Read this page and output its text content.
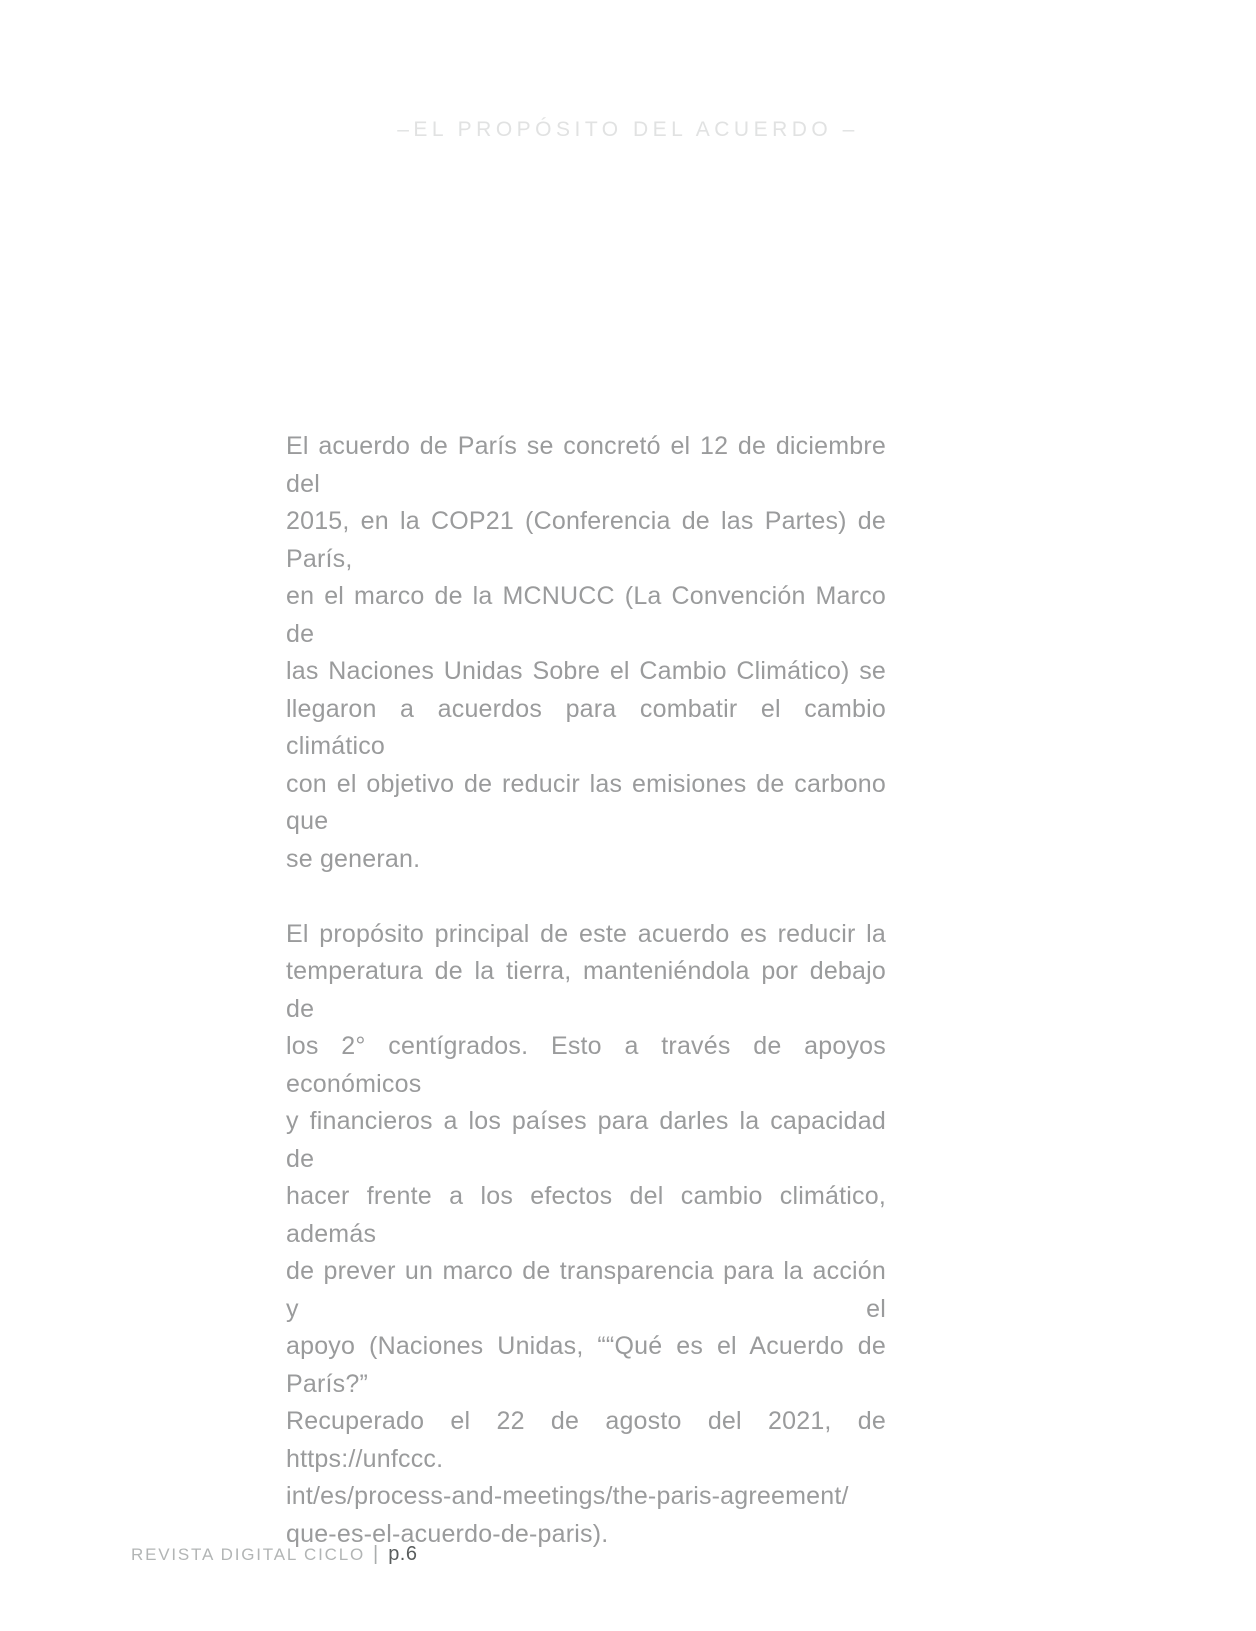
–EL PROPÓSITO DEL ACUERDO –
El acuerdo de París se concretó el 12 de diciembre del
2015, en la COP21 (Conferencia de las Partes) de París,
en el marco de la MCNUCC (La Convención Marco de
las Naciones Unidas Sobre el Cambio Climático) se
llegaron a acuerdos para combatir el cambio climático
con el objetivo de reducir las emisiones de carbono que
se generan.
El propósito principal de este acuerdo es reducir la
temperatura de la tierra, manteniéndola por debajo de
los 2° centígrados. Esto a través de apoyos económicos
y financieros a los países para darles la capacidad de
hacer frente a los efectos del cambio climático, además
de prever un marco de transparencia para la acción y el
apoyo (Naciones Unidas, ““Qué es el Acuerdo de París?”
Recuperado el 22 de agosto del 2021, de https://unfccc.
int/es/process-and-meetings/the-paris-agreement/
que-es-el-acuerdo-de-paris).
REVISTA DIGITAL CICLO | p.6
